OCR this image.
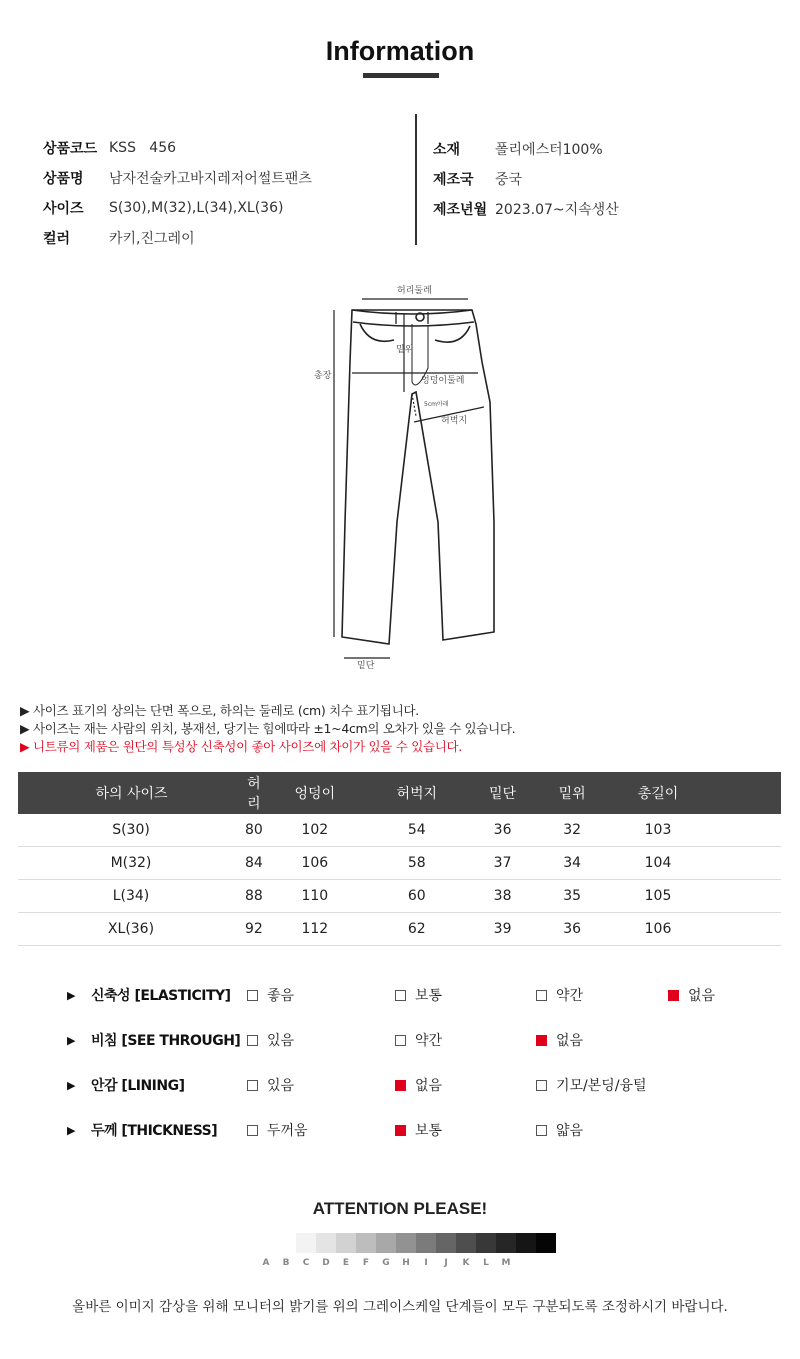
Information
상품코드 KSS   456
상품명	남자전술카고바지레저어썰트팬츠
사이즈	S(30),M(32),L(34),XL(36)
컬러	카키,진그레이
소재	폴리에스터100%
제조국	중국
제조년월 2023.07~지속생산
허리둘레
총장
밑위
엉덩이둘레
5cm아래
허벅지
밑단
▶ 사이즈 표기의 상의는 단면 폭으로, 하의는 둘레로 (cm) 치수 표기됩니다.
▶ 사이즈는 재는 사람의 위치, 봉재선, 당기는 힘에따라 ±1~4cm의 오차가 있을 수 있습니다.
▶ 니트류의 제품은 원단의 특성상 신축성이 좋아 사이즈에 차이가 있을 수 있습니다.
하의 사이즈	허리	엉덩이	허벅지	밑단	밑위	총길이	
S(30)	80	102	54	36	32	103	
M(32)	84	106	58	37	34	104	
L(34)	88	110	60	38	35	105	
XL(36)	92	112	62	39	36	106	
▶ 신축성 [ELASTICITY]	좋음	보통	약간	없음
▶ 비침 [SEE THROUGH] 있음	약간	없음
▶ 안감 [LINING]	있음	없음	기모/본딩/융털
▶ 두께 [THICKNESS]	두꺼움	보통	얇음
ATTENTION PLEASE!
A	B	C	D	E	F	G	H	I	J	K	L	M
올바른 이미지 감상을 위해 모니터의 밝기를 위의 그레이스케일 단계들이 모두 구분되도록 조정하시기 바랍니다.
